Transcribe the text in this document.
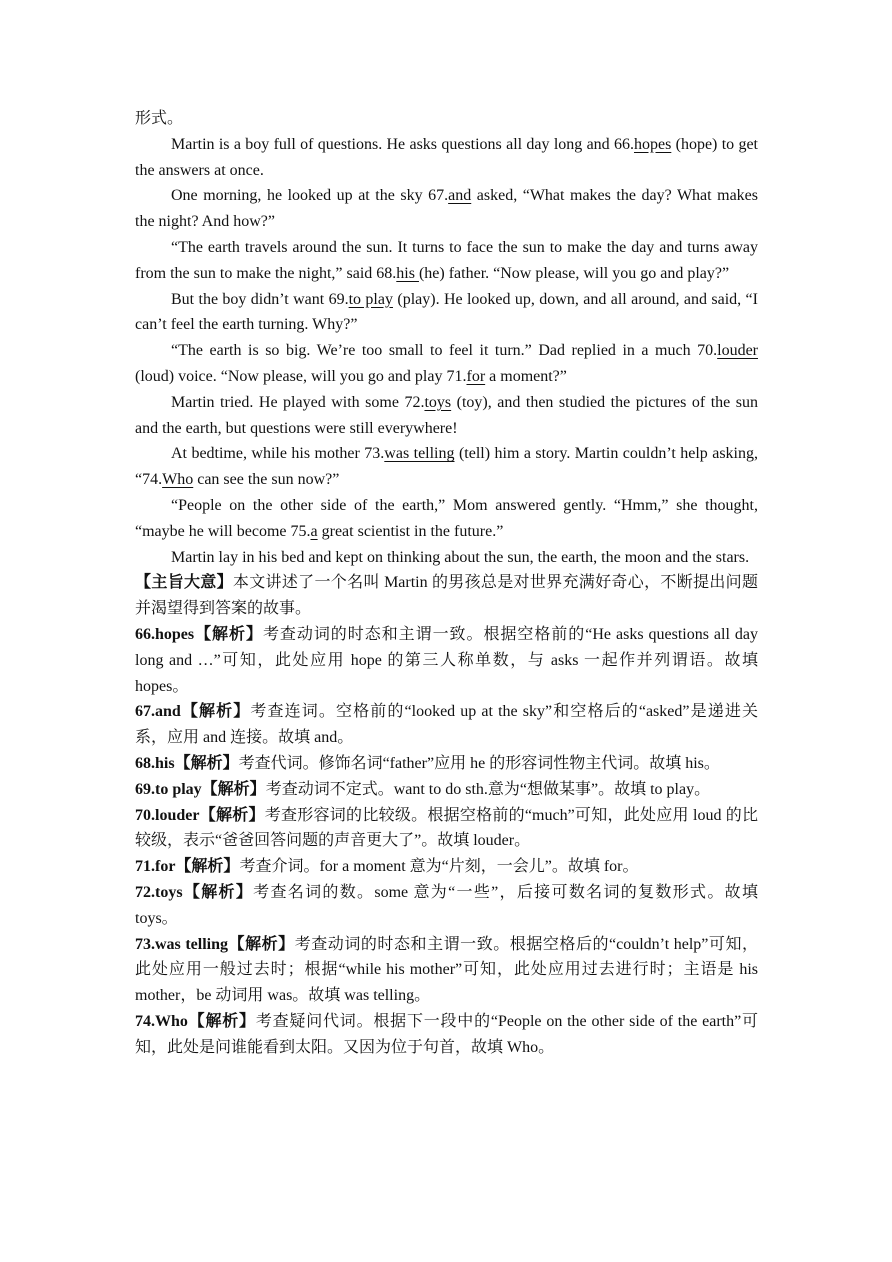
形式。

Martin is a boy full of questions. He asks questions all day long and 66.hopes (hope) to get the answers at once.

One morning, he looked up at the sky 67.and asked, “What makes the day? What makes the night? And how?”

“The earth travels around the sun. It turns to face the sun to make the day and turns away from the sun to make the night,” said 68.his (he) father. “Now please, will you go and play?”

But the boy didn’t want 69.to play (play). He looked up, down, and all around, and said, “I can’t feel the earth turning. Why?”

“The earth is so big. We’re too small to feel it turn.” Dad replied in a much 70.louder (loud) voice. “Now please, will you go and play 71.for a moment?”

Martin tried. He played with some 72.toys (toy), and then studied the pictures of the sun and the earth, but questions were still everywhere!

At bedtime, while his mother 73.was telling (tell) him a story. Martin couldn’t help asking, “74.Who can see the sun now?”

“People on the other side of the earth,” Mom answered gently. “Hmm,” she thought, “maybe he will become 75.a great scientist in the future.”

Martin lay in his bed and kept on thinking about the sun, the earth, the moon and the stars.

【主旨大意】本文讲述了一个名叫 Martin 的男孩总是对世界充满好奇心，不断提出问题并渴望得到答案的故事。

66.hopes【解析】考查动词的时态和主谓一致。根据空格前的“He asks questions all day long and …”可知，此处应用 hope 的第三人称单数，与 asks 一起作并列谓语。故填 hopes。

67.and【解析】考查连词。空格前的“looked up at the sky”和空格后的“asked”是递进关系，应用 and 连接。故填 and。

68.his【解析】考查代词。修饰名词“father”应用 he 的形容词性物主代词。故填 his。

69.to play【解析】考查动词不定式。want to do sth.意为“想做某事”。故填 to play。

70.louder【解析】考查形容词的比较级。根据空格前的“much”可知，此处应用 loud 的比较级，表示“爸爸回答问题的声音更大了”。故填 louder。

71.for【解析】考查介词。for a moment 意为“片刻，一会儿”。故填 for。

72.toys【解析】考查名词的数。some 意为“一些”，后接可数名词的复数形式。故填 toys。

73.was telling【解析】考查动词的时态和主谓一致。根据空格后的“couldn’t help”可知，此处应用一般过去时；根据“while his mother”可知，此处应用过去进行时；主语是 his mother，be 动词用 was。故填 was telling。

74.Who【解析】考查疑问代词。根据下一段中的“People on the other side of the earth”可知，此处是问谁能看到太阳。又因为位于句首，故填 Who。
